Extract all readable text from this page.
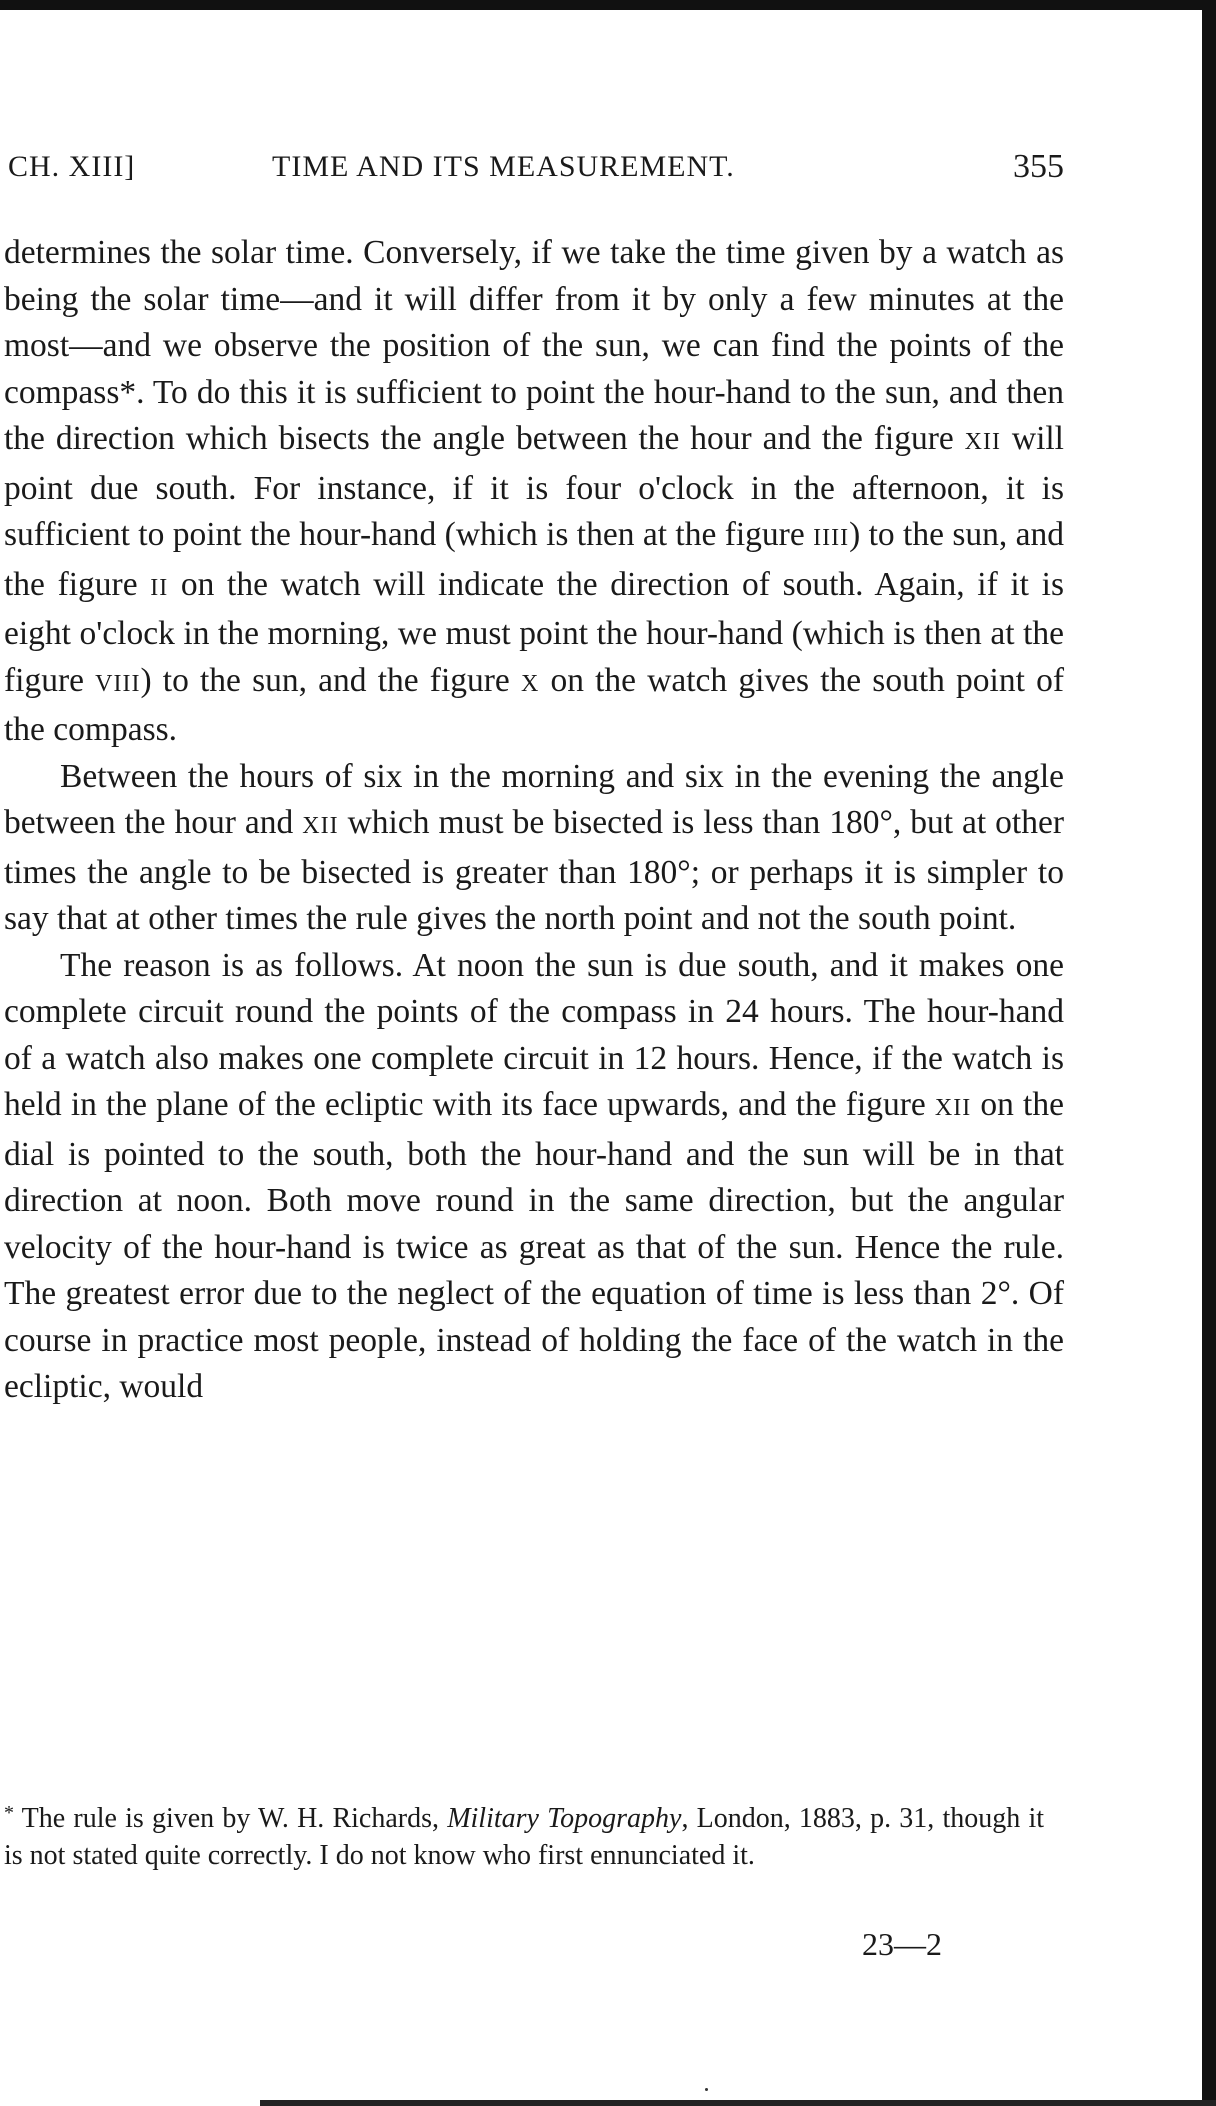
CH. XIII]	TIME AND ITS MEASUREMENT.	355

determines the solar time. Conversely, if we take the time given by a watch as being the solar time—and it will differ from it by only a few minutes at the most—and we observe the position of the sun, we can find the points of the compass*. To do this it is sufficient to point the hour-hand to the sun, and then the direction which bisects the angle between the hour and the figure XII will point due south. For instance, if it is four o'clock in the afternoon, it is sufficient to point the hour-hand (which is then at the figure IIII) to the sun, and the figure II on the watch will indicate the direction of south. Again, if it is eight o'clock in the morning, we must point the hour-hand (which is then at the figure VIII) to the sun, and the figure X on the watch gives the south point of the compass.

Between the hours of six in the morning and six in the evening the angle between the hour and XII which must be bisected is less than 180°, but at other times the angle to be bisected is greater than 180°; or perhaps it is simpler to say that at other times the rule gives the north point and not the south point.

The reason is as follows. At noon the sun is due south, and it makes one complete circuit round the points of the compass in 24 hours. The hour-hand of a watch also makes one complete circuit in 12 hours. Hence, if the watch is held in the plane of the ecliptic with its face upwards, and the figure XII on the dial is pointed to the south, both the hour-hand and the sun will be in that direction at noon. Both move round in the same direction, but the angular velocity of the hour-hand is twice as great as that of the sun. Hence the rule. The greatest error due to the neglect of the equation of time is less than 2°. Of course in practice most people, instead of holding the face of the watch in the ecliptic, would

* The rule is given by W. H. Richards, Military Topography, London, 1883, p. 31, though it is not stated quite correctly. I do not know who first ennunciated it.
23—2
